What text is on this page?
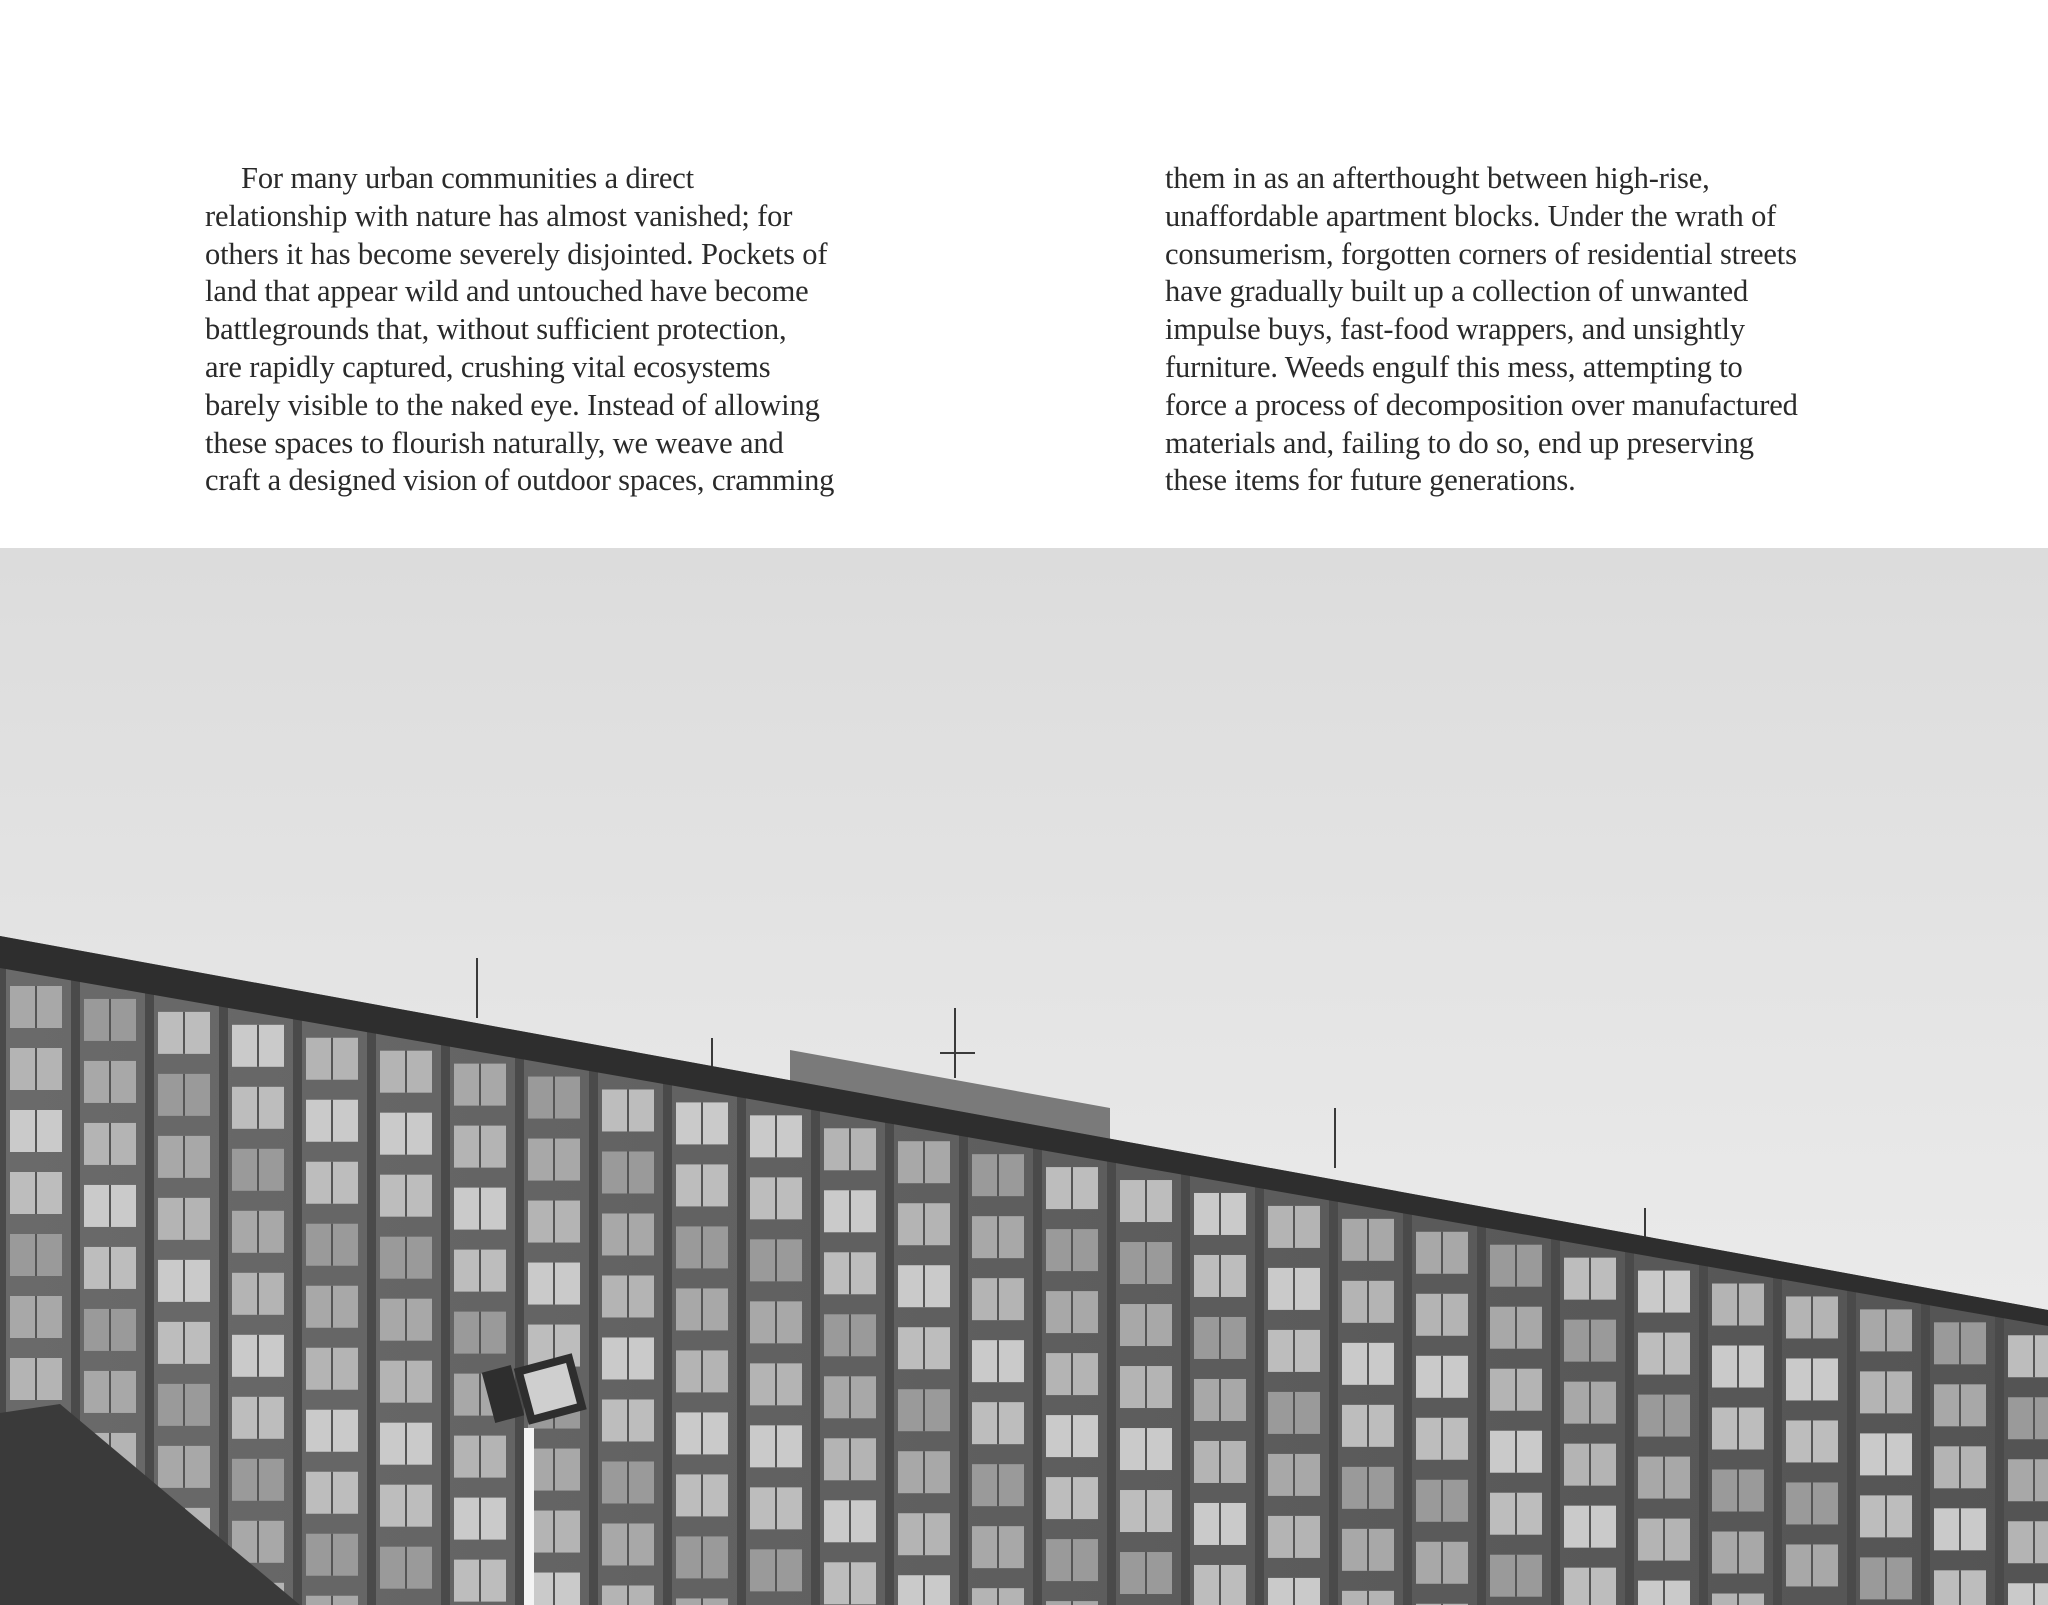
For many urban communities a direct
relationship with nature has almost vanished; for
others it has become severely disjointed. Pockets of
land that appear wild and untouched have become
battlegrounds that, without sufficient protection,
are rapidly captured, crushing vital ecosystems
barely visible to the naked eye. Instead of allowing
these spaces to flourish naturally, we weave and
craft a designed vision of outdoor spaces, cramming
them in as an afterthought between high-rise,
unaffordable apartment blocks. Under the wrath of
consumerism, forgotten corners of residential streets
have gradually built up a collection of unwanted
impulse buys, fast-food wrappers, and unsightly
furniture. Weeds engulf this mess, attempting to
force a process of decomposition over manufactured
materials and, failing to do so, end up preserving
these items for future generations.
